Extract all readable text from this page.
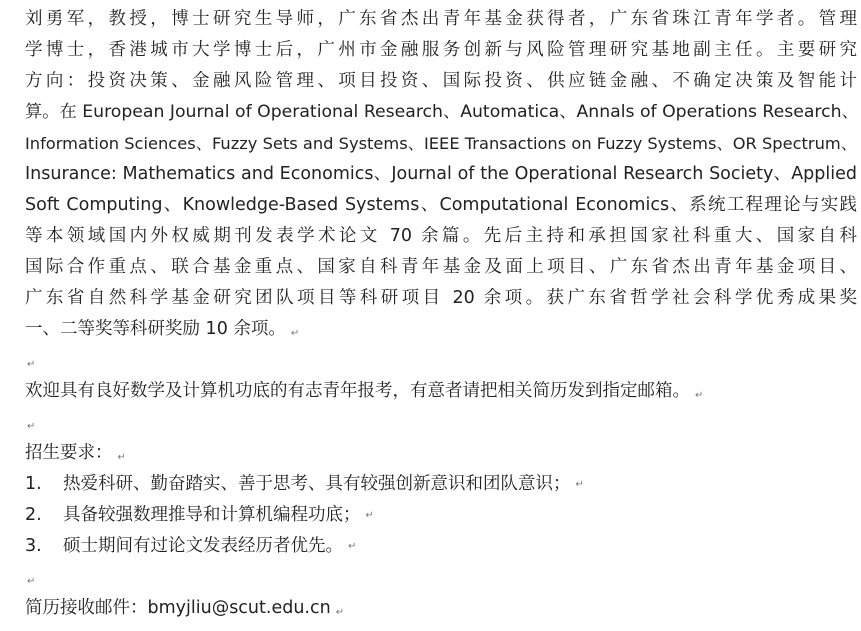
刘勇军，教授，博士研究生导师，广东省杰出青年基金获得者，广东省珠江青年学者。管理
学博士，香港城市大学博士后，广州市金融服务创新与风险管理研究基地副主任。主要研究
方向：投资决策、金融风险管理、项目投资、国际投资、供应链金融、不确定决策及智能计
算。在 European Journal of Operational Research、Automatica、Annals of Operations Research、
Information Sciences、Fuzzy Sets and Systems、IEEE Transactions on Fuzzy Systems、OR Spectrum、
Insurance: Mathematics and Economics、Journal of the Operational Research Society、Applied
Soft Computing、Knowledge-Based Systems、Computational Economics、系统工程理论与实践
等本领域国内外权威期刊发表学术论文 70 余篇。先后主持和承担国家社科重大、国家自科
国际合作重点、联合基金重点、国家自科青年基金及面上项目、广东省杰出青年基金项目、
广东省自然科学基金研究团队项目等科研项目 20 余项。获广东省哲学社会科学优秀成果奖
一、二等奖等科研奖励 10 余项。 ↵
↵
欢迎具有良好数学及计算机功底的有志青年报考，有意者请把相关简历发到指定邮箱。 ↵
↵
招生要求： ↵
1.	热爱科研、勤奋踏实、善于思考、具有较强创新意识和团队意识； ↵
2.	具备较强数理推导和计算机编程功底； ↵
3.	硕士期间有过论文发表经历者优先。 ↵
↵
简历接收邮件：bmyjliu@scut.edu.cn ↵
